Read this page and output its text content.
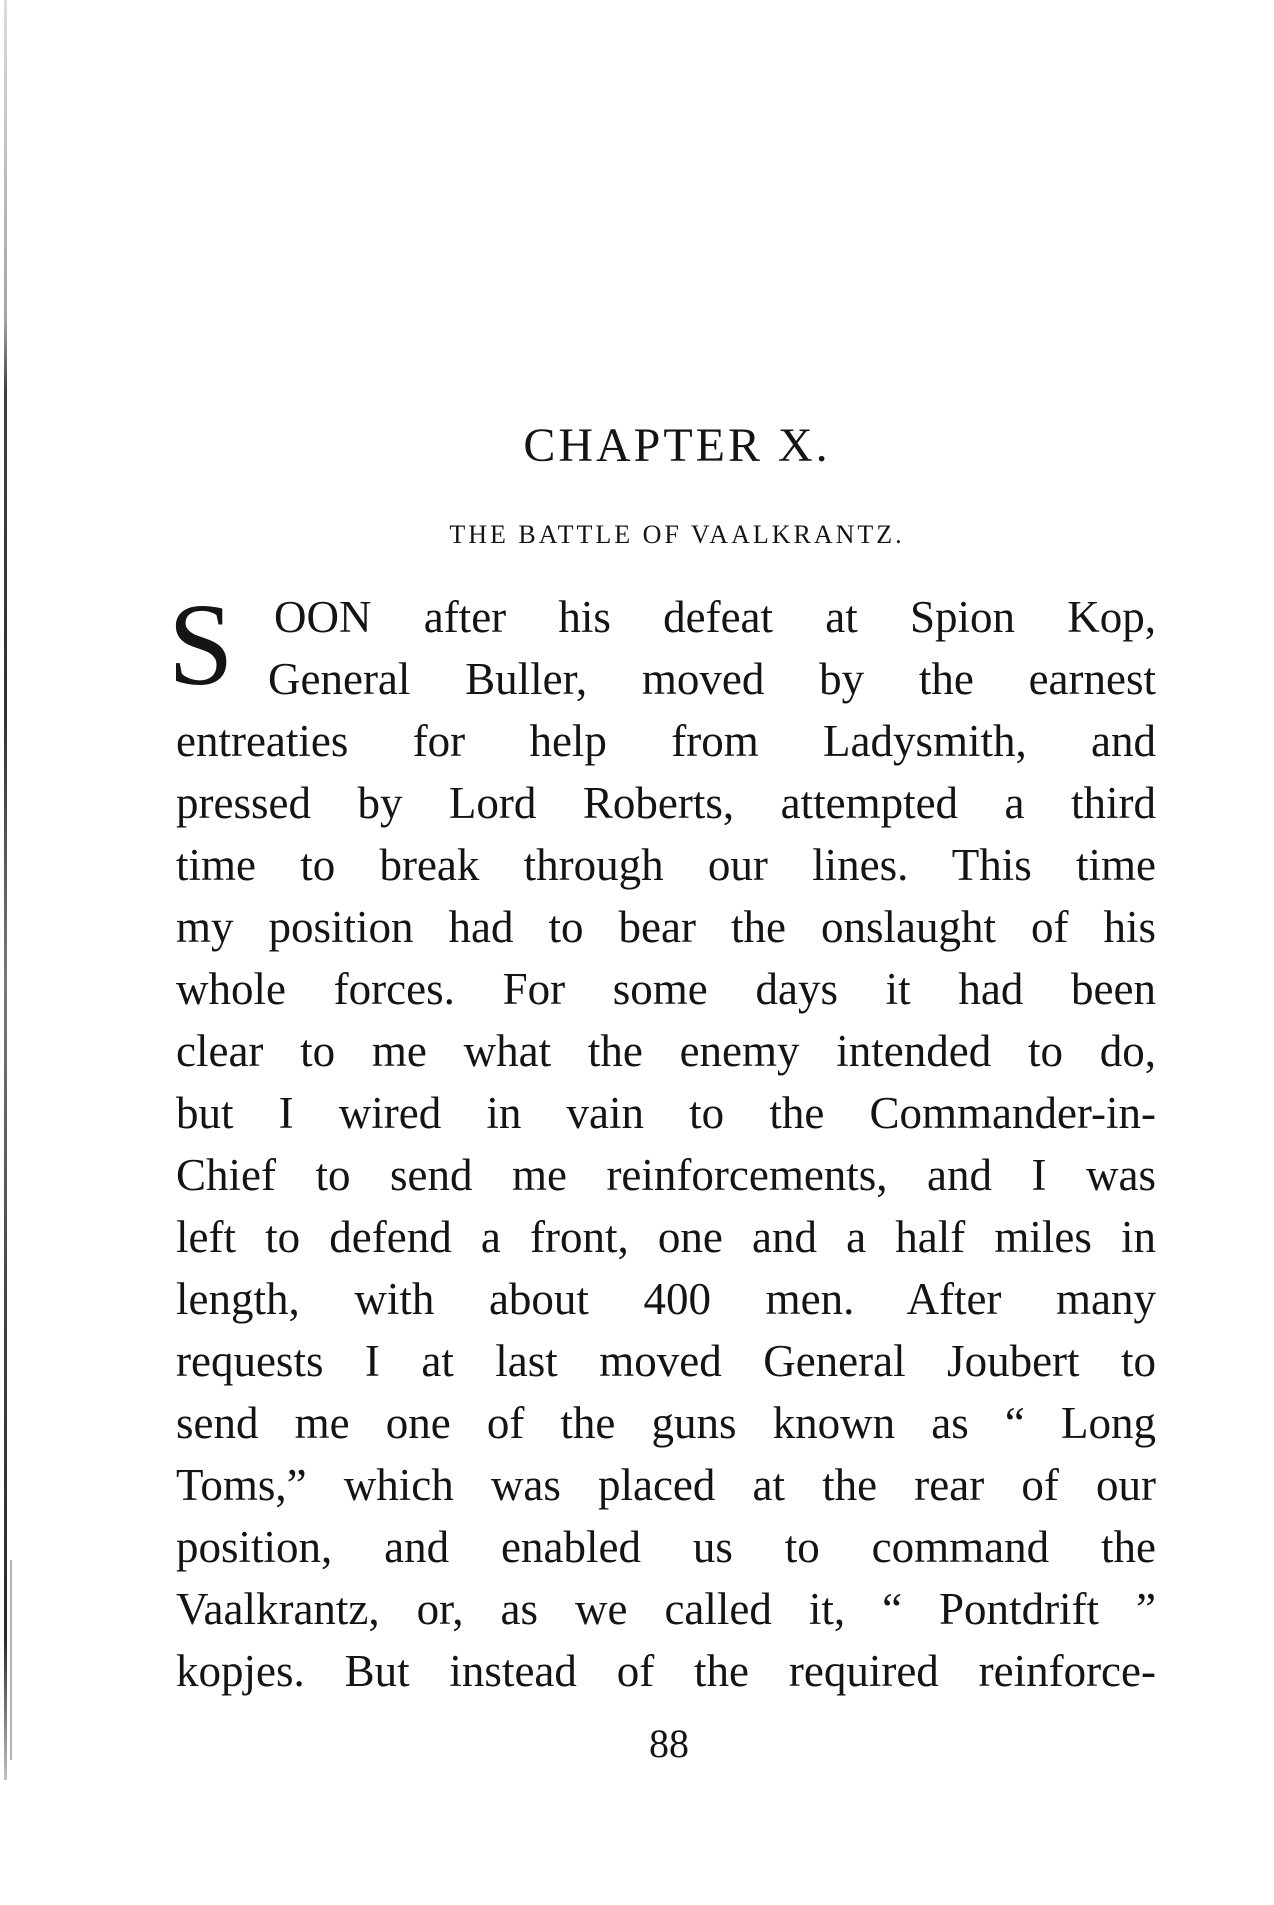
CHAPTER X.
THE BATTLE OF VAALKRANTZ.
S OON after his defeat at Spion Kop,
General Buller, moved by the earnest
entreaties for help from Ladysmith, and
pressed by Lord Roberts, attempted a third
time to break through our lines. This time
my position had to bear the onslaught of his
whole forces. For some days it had been
clear to me what the enemy intended to do,
but I wired in vain to the Commander-in-
Chief to send me reinforcements, and I was
left to defend a front, one and a half miles in
length, with about 400 men. After many
requests I at last moved General Joubert to
send me one of the guns known as “ Long
Toms,” which was placed at the rear of our
position, and enabled us to command the
Vaalkrantz, or, as we called it, “ Pontdrift ”
kopjes. But instead of the required reinforce-
88
